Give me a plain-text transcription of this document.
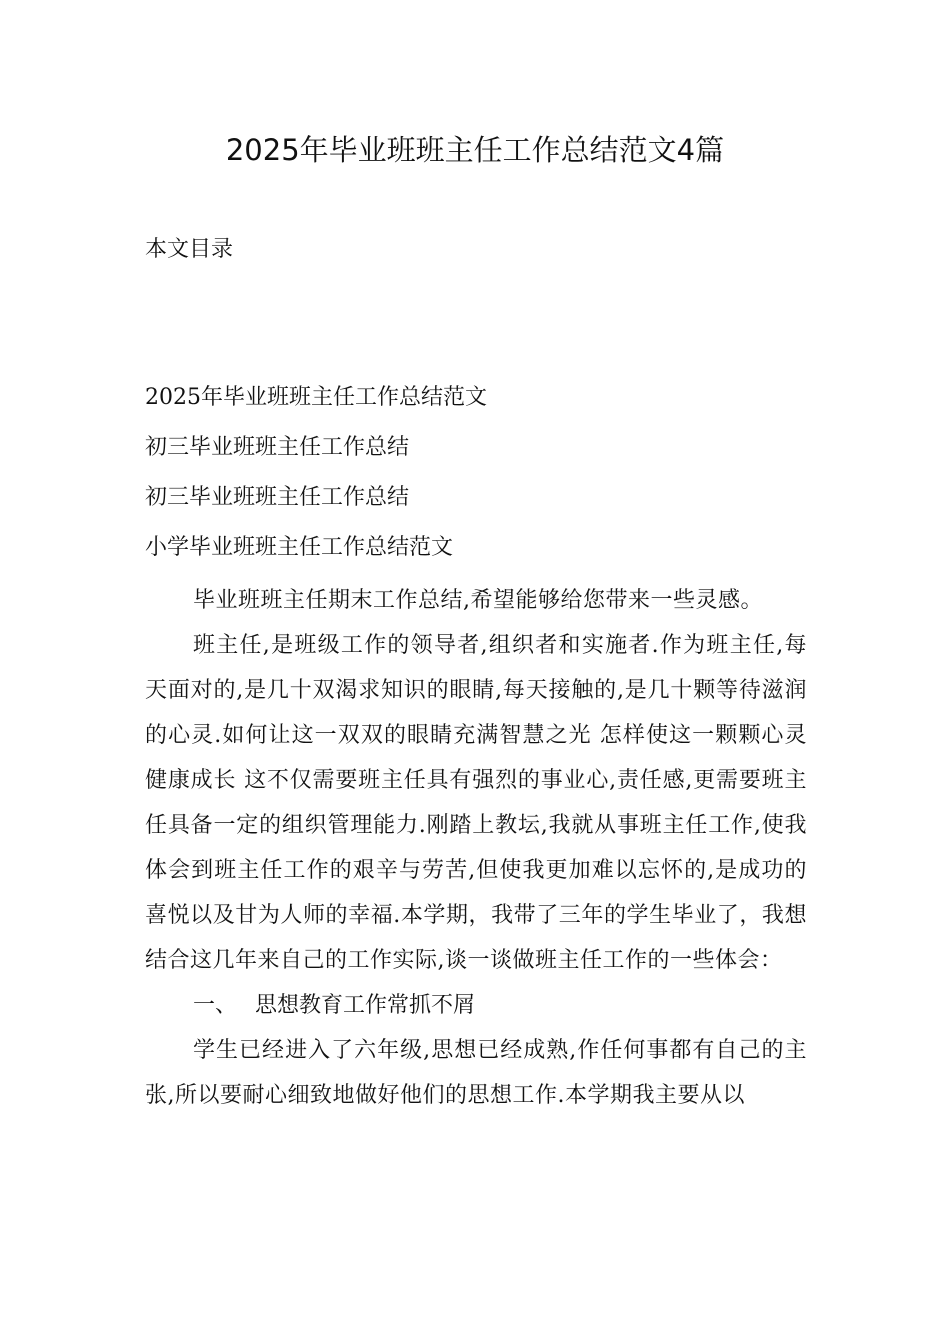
2025年毕业班班主任工作总结范文4篇
本文目录
2025年毕业班班主任工作总结范文
初三毕业班班主任工作总结
初三毕业班班主任工作总结
小学毕业班班主任工作总结范文

毕业班班主任期末工作总结,希望能够给您带来一些灵感。

班主任,是班级工作的领导者,组织者和实施者.作为班主任,每天面对的,是几十双渴求知识的眼睛,每天接触的,是几十颗等待滋润的心灵.如何让这一双双的眼睛充满智慧之光 怎样使这一颗颗心灵健康成长 这不仅需要班主任具有强烈的事业心,责任感,更需要班主任具备一定的组织管理能力.刚踏上教坛,我就从事班主任工作,使我体会到班主任工作的艰辛与劳苦,但使我更加难以忘怀的,是成功的喜悦以及甘为人师的幸福.本学期，我带了三年的学生毕业了，我想结合这几年来自己的工作实际,谈一谈做班主任工作的一些体会：

一、 思想教育工作常抓不屑

学生已经进入了六年级,思想已经成熟,作任何事都有自己的主张,所以要耐心细致地做好他们的思想工作.本学期我主要从以
